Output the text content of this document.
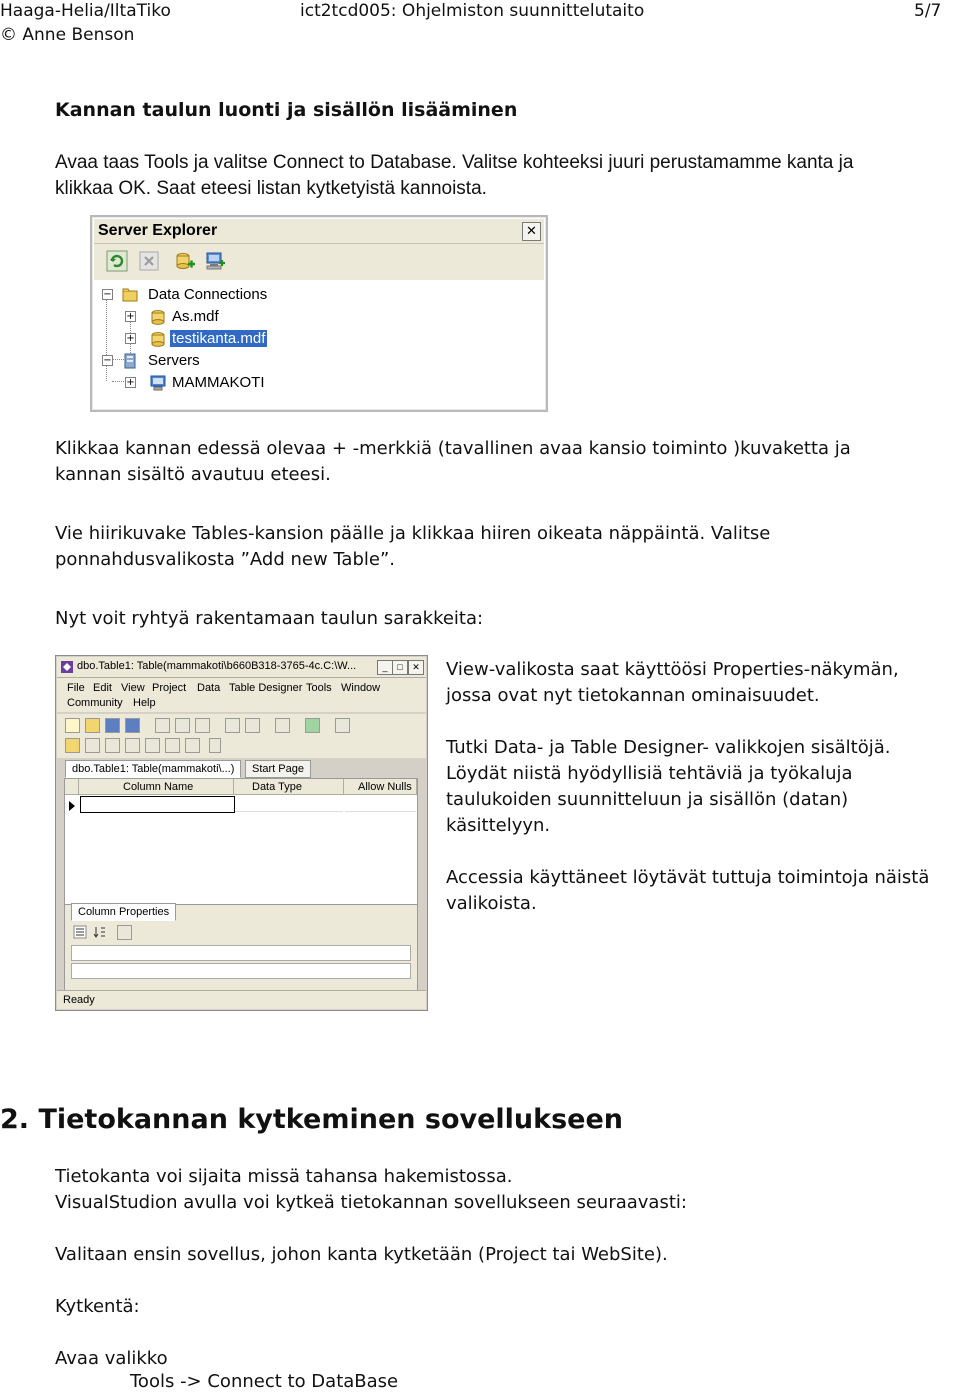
Haaga-Helia/IltaTiko
© Anne Benson
ict2tcd005: Ohjelmiston suunnittelutaito	5/7
Kannan taulun luonti ja sisällön lisääminen
Avaa taas Tools ja valitse Connect to Database. Valitse kohteeksi juuri perustamamme kanta ja
klikkaa OK. Saat eteesi listan kytketyistä kannoista.
Server Explorer	✕
− Data Connections
+ As.mdf
+ testikanta.mdf
− Servers
+ MAMMAKOTI
Klikkaa kannan edessä olevaa + -merkkiä (tavallinen avaa kansio toiminto )kuvaketta ja
kannan sisältö avautuu eteesi.
Vie hiirikuvake Tables-kansion päälle ja klikkaa hiiren oikeata näppäintä. Valitse
ponnahdusvalikosta ”Add new Table”.
Nyt voit ryhtyä rakentamaan taulun sarakkeita:
dbo.Table1: Table(mammakoti\b660B318-3765-4c.C:\W...	_	□	✕
File Edit View Project Data Table Designer Tools Window
Community Help
dbo.Table1: Table(mammakoti\...)	Start Page
Column Name	Data Type	Allow Nulls
Column Properties
Ready
View-valikosta saat käyttöösi Properties-näkymän,
jossa ovat nyt tietokannan ominaisuudet.
Tutki Data- ja Table Designer- valikkojen sisältöjä.
Löydät niistä hyödyllisiä tehtäviä ja työkaluja
taulukoiden suunnitteluun ja sisällön (datan)
käsittelyyn.
Accessia käyttäneet löytävät tuttuja toimintoja näistä
valikoista.
2. Tietokannan kytkeminen sovellukseen
Tietokanta voi sijaita missä tahansa hakemistossa.
VisualStudion avulla voi kytkeä tietokannan sovellukseen seuraavasti:
Valitaan ensin sovellus, johon kanta kytketään (Project tai WebSite).
Kytkentä:
Avaa valikko
Tools -> Connect to DataBase
